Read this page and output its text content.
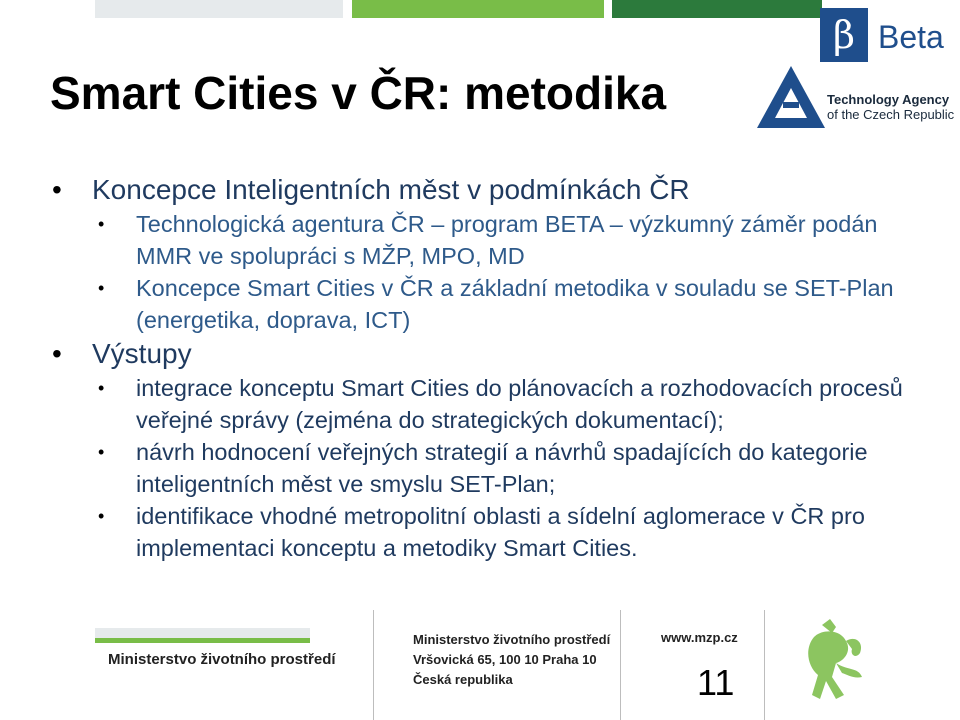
β Beta
Technology Agency
of the Czech Republic
Smart Cities v ČR: metodika
• Koncepce Inteligentních měst v podmínkách ČR
• Technologická agentura ČR – program BETA – výzkumný záměr podán MMR ve spolupráci s MŽP, MPO, MD
• Koncepce Smart Cities v ČR a základní metodika v souladu se SET-Plan (energetika, doprava, ICT)
• Výstupy
• integrace konceptu Smart Cities do plánovacích a rozhodovacích procesů veřejné správy (zejména do strategických dokumentací);
• návrh hodnocení veřejných strategií a návrhů spadajících do kategorie inteligentních měst ve smyslu SET-Plan;
• identifikace vhodné metropolitní oblasti a sídelní aglomerace v ČR pro implementaci konceptu a metodiky Smart Cities.
Ministerstvo životního prostředí
Ministerstvo životního prostředí
Vršovická 65, 100 10 Praha 10
Česká republika
www.mzp.cz
11
